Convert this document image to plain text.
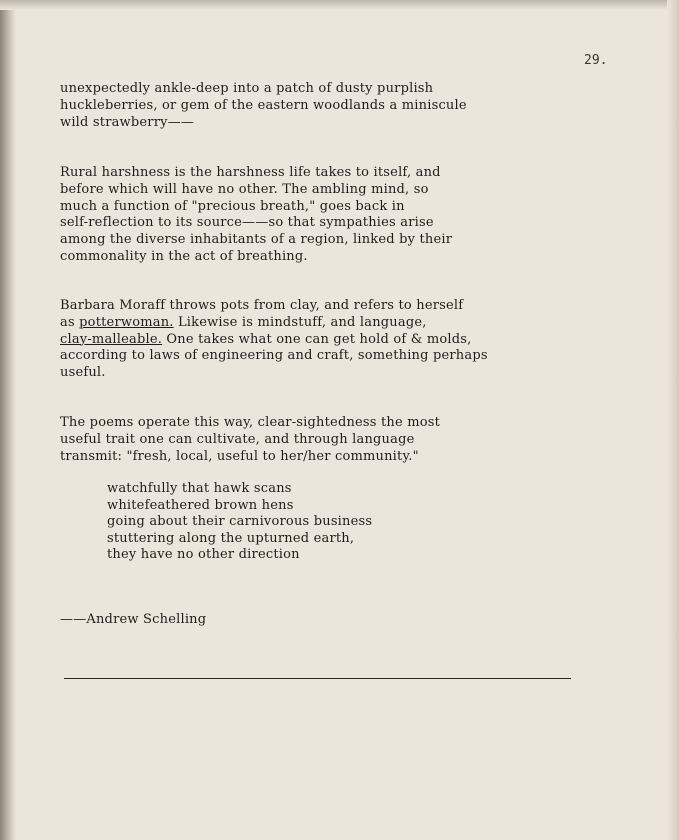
29.
unexpectedly ankle-deep into a patch of dusty purplish
huckleberries, or gem of the eastern woodlands a miniscule
wild strawberry——
Rural harshness is the harshness life takes to itself, and
before which will have no other. The ambling mind, so
much a function of "precious breath," goes back in
self-reflection to its source——so that sympathies arise
among the diverse inhabitants of a region, linked by their
commonality in the act of breathing.
Barbara Moraff throws pots from clay, and refers to herself
as potterwoman. Likewise is mindstuff, and language,
clay-malleable. One takes what one can get hold of & molds,
according to laws of engineering and craft, something perhaps
useful.
The poems operate this way, clear-sightedness the most
useful trait one can cultivate, and through language
transmit: "fresh, local, useful to her/her community."
watchfully that hawk scans
whitefeathered brown hens
going about their carnivorous business
stuttering along the upturned earth,
they have no other direction
——Andrew Schelling
